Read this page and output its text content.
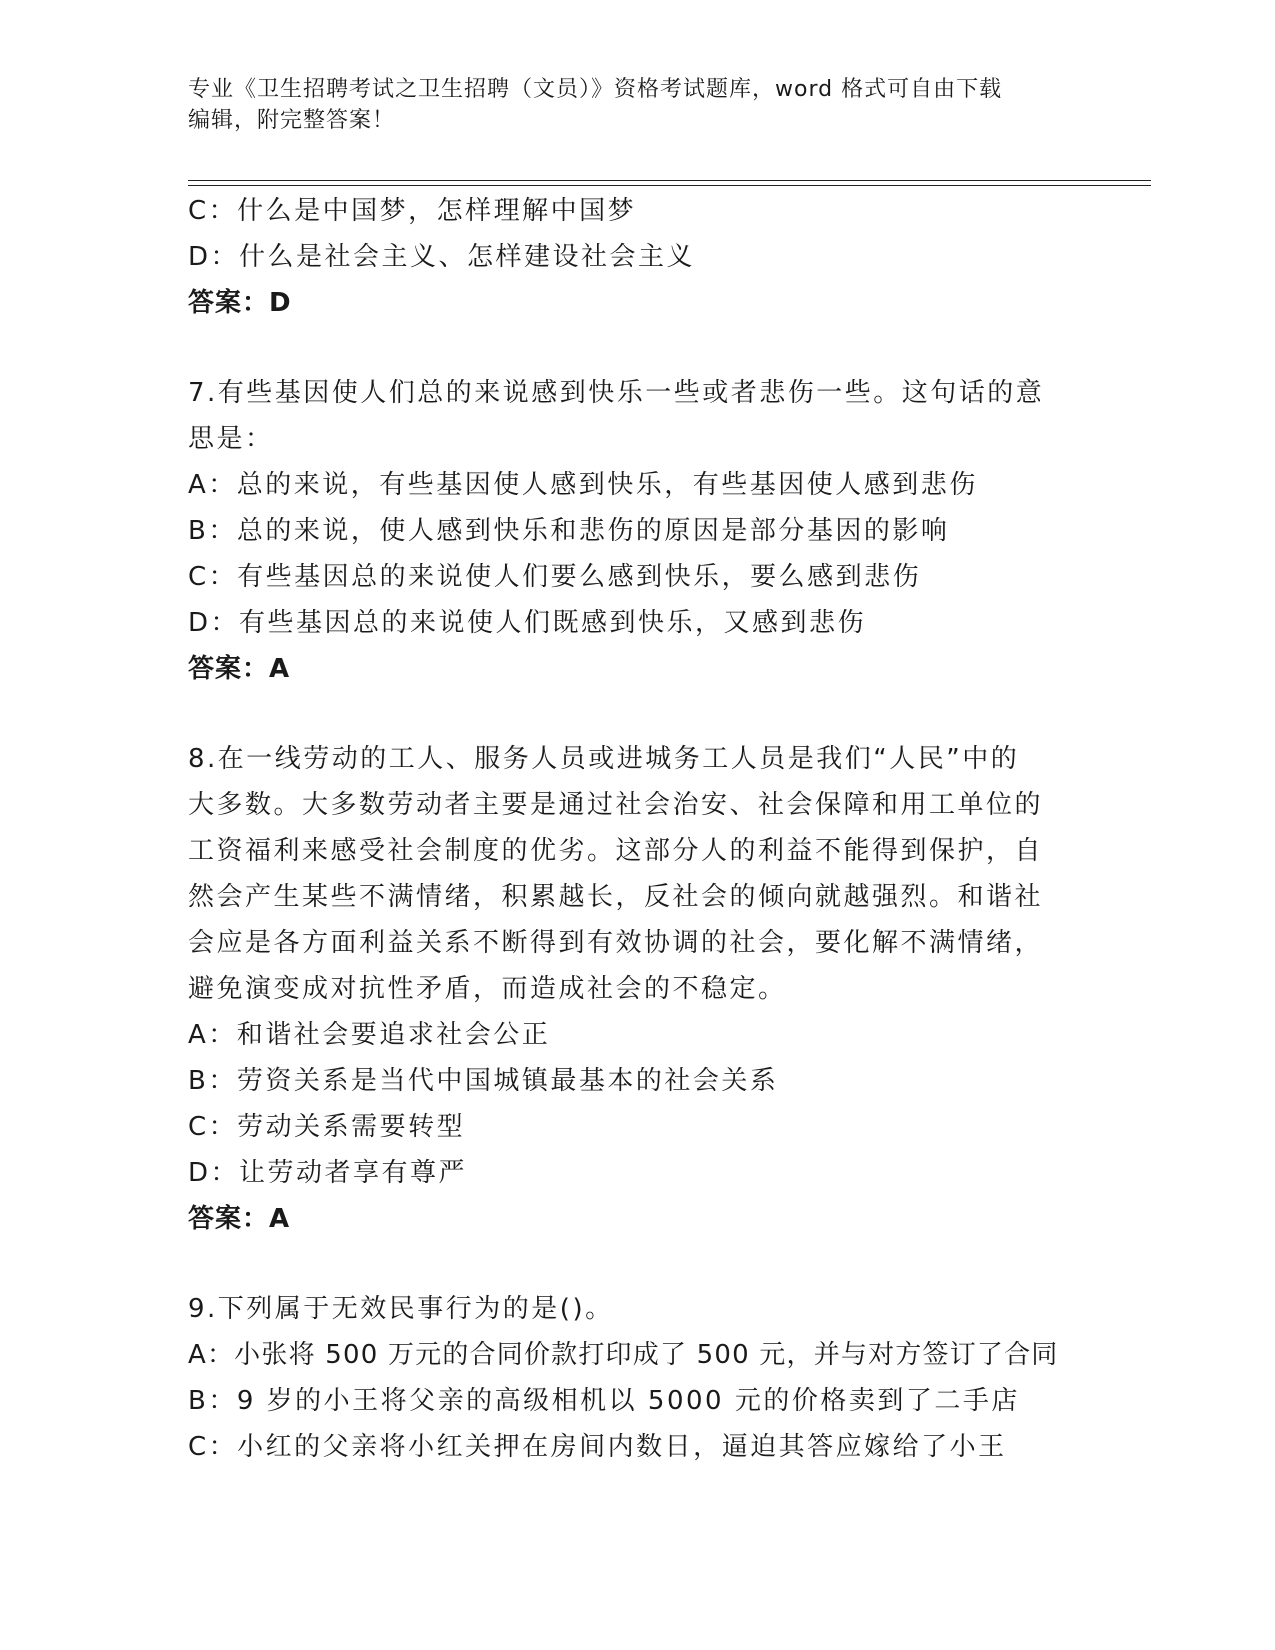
专业《卫生招聘考试之卫生招聘（文员）》资格考试题库，word 格式可自由下载
编辑，附完整答案！
C：什么是中国梦，怎样理解中国梦
D：什么是社会主义、怎样建设社会主义
答案：D
7.有些基因使人们总的来说感到快乐一些或者悲伤一些。这句话的意
思是：
A：总的来说，有些基因使人感到快乐，有些基因使人感到悲伤
B：总的来说，使人感到快乐和悲伤的原因是部分基因的影响
C：有些基因总的来说使人们要么感到快乐，要么感到悲伤
D：有些基因总的来说使人们既感到快乐，又感到悲伤
答案：A
8.在一线劳动的工人、服务人员或进城务工人员是我们“人民”中的
大多数。大多数劳动者主要是通过社会治安、社会保障和用工单位的
工资福利来感受社会制度的优劣。这部分人的利益不能得到保护，自
然会产生某些不满情绪，积累越长，反社会的倾向就越强烈。和谐社
会应是各方面利益关系不断得到有效协调的社会，要化解不满情绪，
避免演变成对抗性矛盾，而造成社会的不稳定。
A：和谐社会要追求社会公正
B：劳资关系是当代中国城镇最基本的社会关系
C：劳动关系需要转型
D：让劳动者享有尊严
答案：A
9.下列属于无效民事行为的是()。
A：小张将 500 万元的合同价款打印成了 500 元，并与对方签订了合同
B：9 岁的小王将父亲的高级相机以 5000 元的价格卖到了二手店
C：小红的父亲将小红关押在房间内数日，逼迫其答应嫁给了小王
